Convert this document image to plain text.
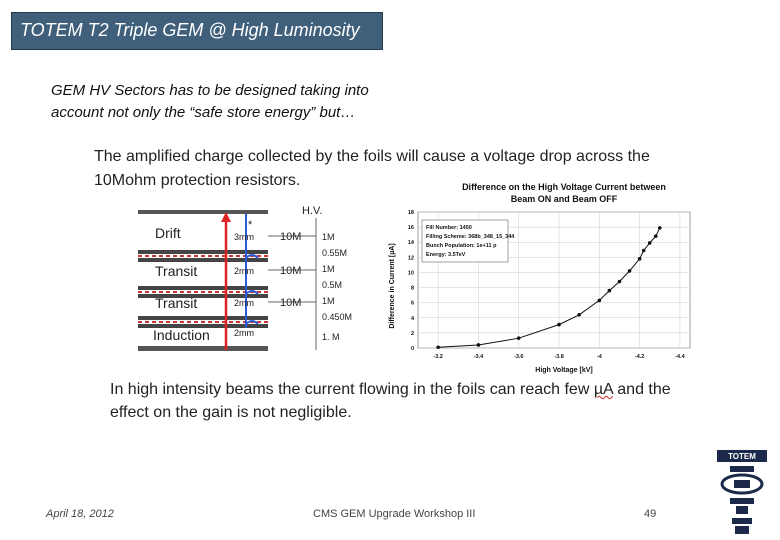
TOTEM T2 Triple GEM @ High Luminosity
GEM HV Sectors has to be designed taking into
account not only the “safe store energy” but…
The amplified charge collected by the foils will cause a voltage drop across the
10Mohm protection resistors.
Drift
Transit
Transit
Induction
3mm
2mm
2mm
2mm
*
10M
10M
10M
H.V.
1M
0.55M
1M
0.5M
1M
0.450M
1. M
Difference on the High Voltage Current between
Beam ON and Beam OFF
0
2
4
6
8
10
12
14
16
18
-3.2	-3.4	-3.6	-3.8	-4	-4.2	-4.4
Difference in Current [µA]
High Voltage [kV]
Fill Number: 1450
Filling Scheme: 368b_348_15_344
Bunch Population: 1e+11 p
Energy: 3.5TeV
In high intensity beams the current flowing in the foils can reach few µA and the
effect on the gain is not negligible.
TOTEM
April 18, 2012	CMS GEM Upgrade Workshop III	49
